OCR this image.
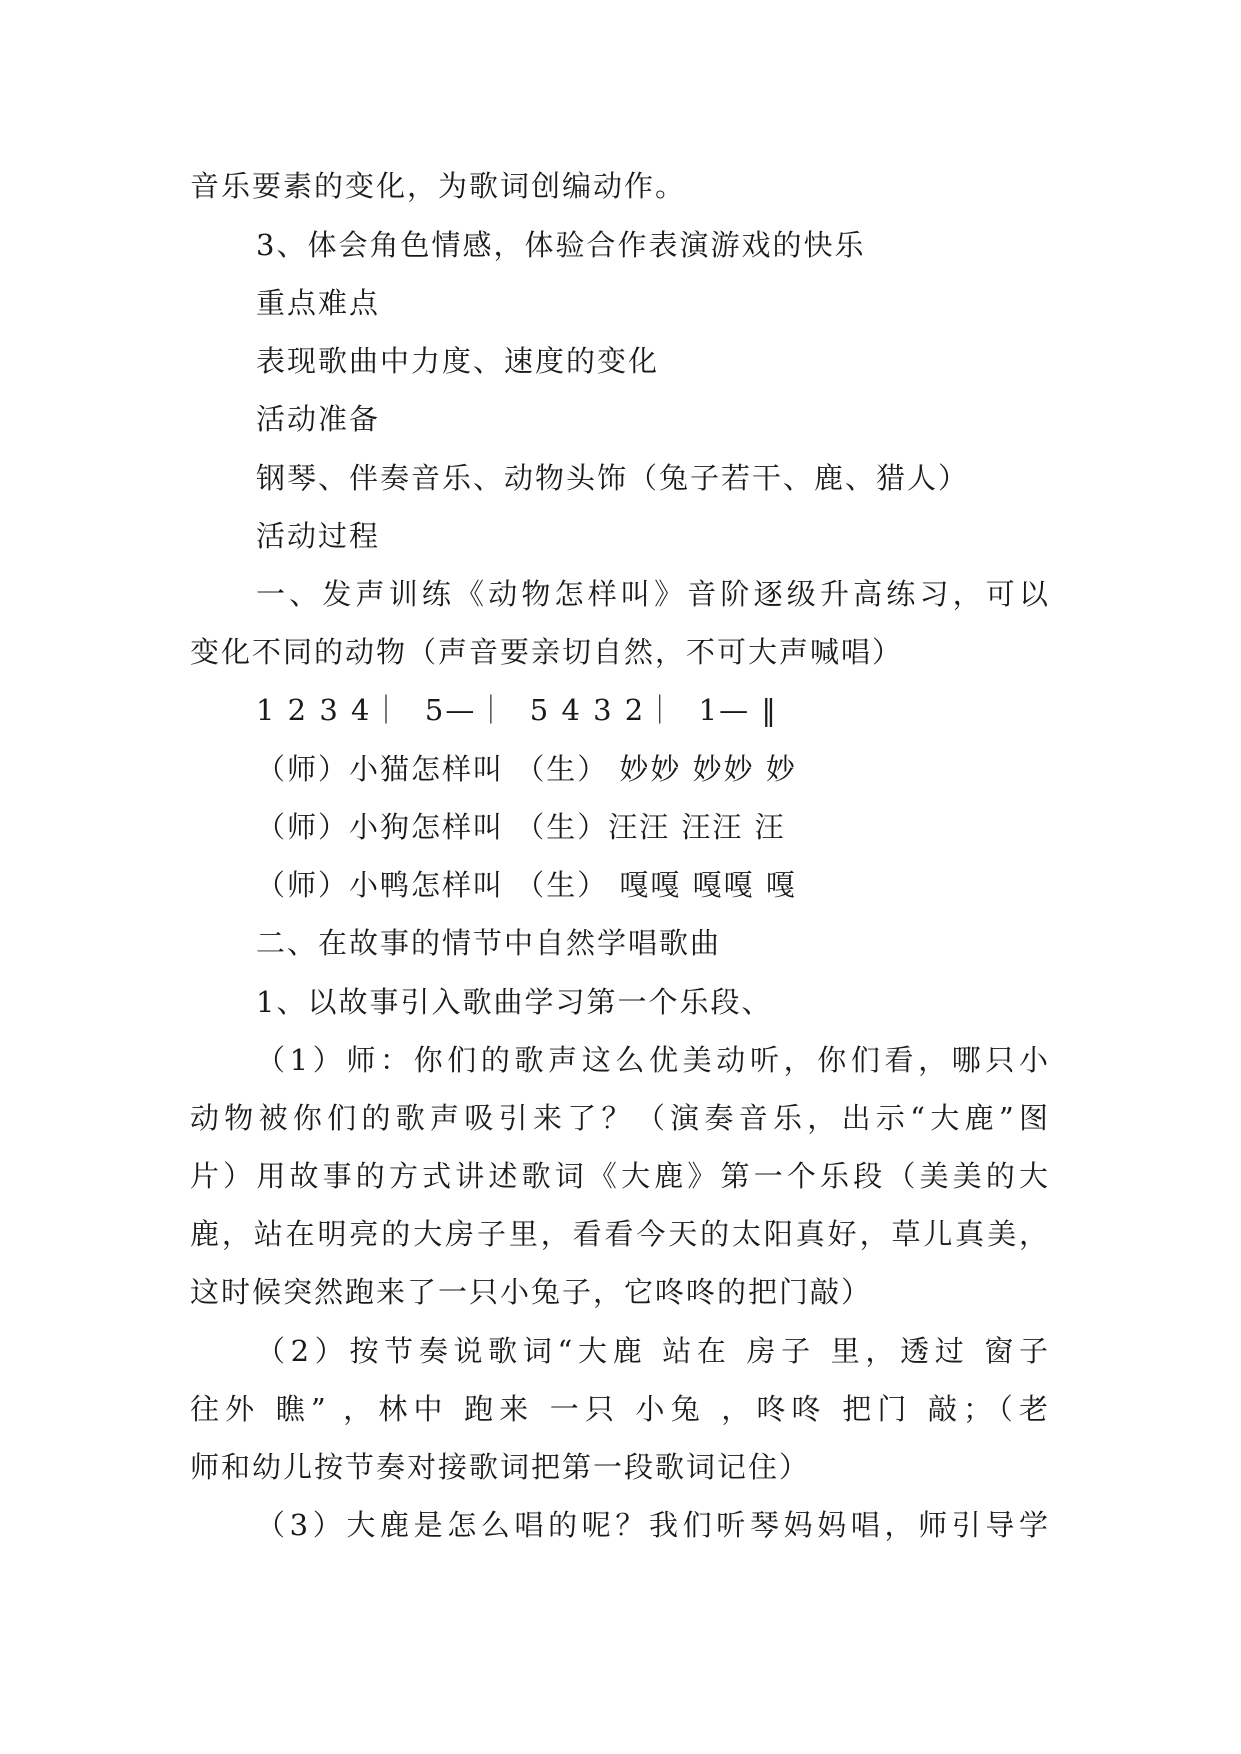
音乐要素的变化，为歌词创编动作。
3、体会角色情感，体验合作表演游戏的快乐
重点难点
表现歌曲中力度、速度的变化
活动准备
钢琴、伴奏音乐、动物头饰（兔子若干、鹿、猎人）
活动过程
一、发声训练《动物怎样叫》音阶逐级升高练习，可以
变化不同的动物（声音要亲切自然，不可大声喊唱）
1 2 3 4｜  5—｜  5 4 3 2｜  1— ‖
（师）小猫怎样叫 （生） 妙妙 妙妙 妙
（师）小狗怎样叫 （生）汪汪 汪汪 汪
（师）小鸭怎样叫 （生） 嘎嘎 嘎嘎 嘎
二、在故事的情节中自然学唱歌曲
1、以故事引入歌曲学习第一个乐段、
（1）师：你们的歌声这么优美动听，你们看，哪只小
动物被你们的歌声吸引来了？（演奏音乐，出示“大鹿”图
片）用故事的方式讲述歌词《大鹿》第一个乐段（美美的大
鹿，站在明亮的大房子里，看看今天的太阳真好，草儿真美，
这时候突然跑来了一只小兔子，它咚咚的把门敲）
（2）按节奏说歌词“大鹿 站在 房子 里，透过 窗子
往外 瞧” ，林中 跑来 一只 小兔 ，咚咚 把门 敲；（老
师和幼儿按节奏对接歌词把第一段歌词记住）
（3）大鹿是怎么唱的呢？我们听琴妈妈唱，师引导学
